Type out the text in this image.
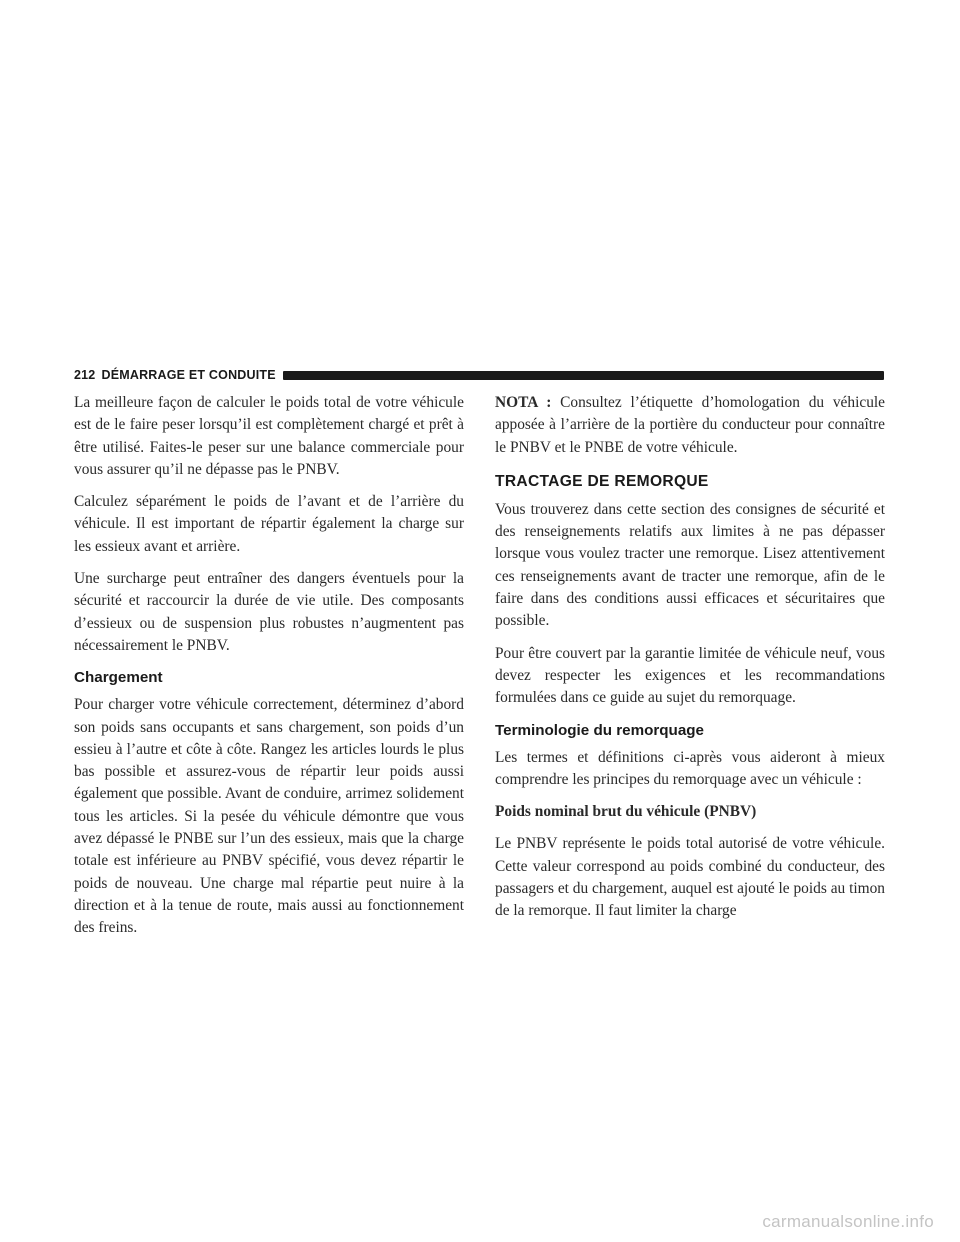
212 DÉMARRAGE ET CONDUITE

La meilleure façon de calculer le poids total de votre véhicule est de le faire peser lorsqu’il est complètement chargé et prêt à être utilisé. Faites-le peser sur une balance commerciale pour vous assurer qu’il ne dépasse pas le PNBV.

Calculez séparément le poids de l’avant et de l’arrière du véhicule. Il est important de répartir également la charge sur les essieux avant et arrière.

Une surcharge peut entraîner des dangers éventuels pour la sécurité et raccourcir la durée de vie utile. Des composants d’essieux ou de suspension plus robustes n’augmentent pas nécessairement le PNBV.

Chargement

Pour charger votre véhicule correctement, déterminez d’abord son poids sans occupants et sans chargement, son poids d’un essieu à l’autre et côte à côte. Rangez les articles lourds le plus bas possible et assurez-vous de répartir leur poids aussi également que possible. Avant de conduire, arrimez solidement tous les articles. Si la pesée du véhicule démontre que vous avez dépassé le PNBE sur l’un des essieux, mais que la charge totale est inférieure au PNBV spécifié, vous devez répartir le poids de nouveau. Une charge mal répartie peut nuire à la direction et à la tenue de route, mais aussi au fonctionnement des freins.

NOTA : Consultez l’étiquette d’homologation du véhicule apposée à l’arrière de la portière du conducteur pour connaître le PNBV et le PNBE de votre véhicule.

TRACTAGE DE REMORQUE

Vous trouverez dans cette section des consignes de sécurité et des renseignements relatifs aux limites à ne pas dépasser lorsque vous voulez tracter une remorque. Lisez attentivement ces renseignements avant de tracter une remorque, afin de le faire dans des conditions aussi efficaces et sécuritaires que possible.

Pour être couvert par la garantie limitée de véhicule neuf, vous devez respecter les exigences et les recommandations formulées dans ce guide au sujet du remorquage.

Terminologie du remorquage

Les termes et définitions ci-après vous aideront à mieux comprendre les principes du remorquage avec un véhicule :

Poids nominal brut du véhicule (PNBV)

Le PNBV représente le poids total autorisé de votre véhicule. Cette valeur correspond au poids combiné du conducteur, des passagers et du chargement, auquel est ajouté le poids au timon de la remorque. Il faut limiter la charge

carmanualsonline.info
